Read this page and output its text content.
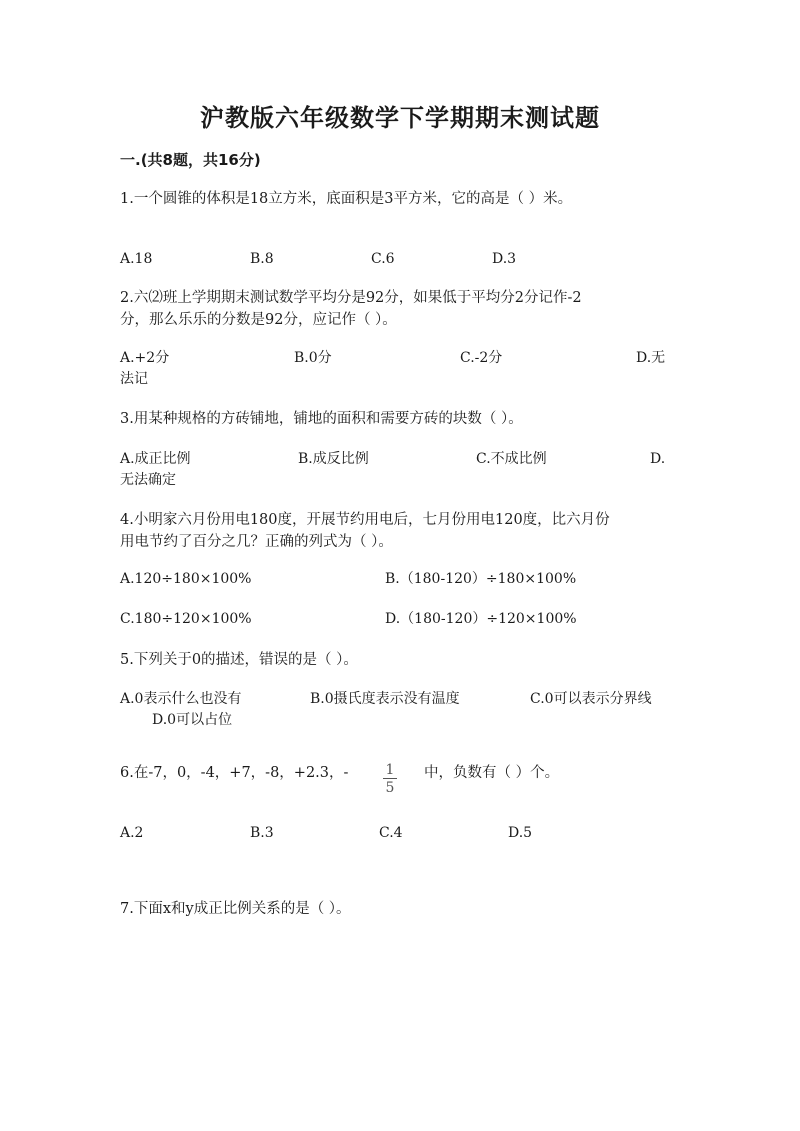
沪教版六年级数学下学期期末测试题
一.(共8题，共16分)
1.一个圆锥的体积是18立方米，底面积是3平方米，它的高是（ ）米。
A.18	B.8	C.6	D.3
2.六⑵班上学期期末测试数学平均分是92分，如果低于平均分2分记作-2
分，那么乐乐的分数是92分，应记作（ ）。
A.+2分	B.0分	C.-2分	D.无
法记
3.用某种规格的方砖铺地，铺地的面积和需要方砖的块数（ ）。
A.成正比例	B.成反比例	C.不成比例	D.
无法确定
4.小明家六月份用电180度，开展节约用电后，七月份用电120度，比六月份
用电节约了百分之几？正确的列式为（ ）。
A.120÷180×100%	B.（180-120）÷180×100%
C.180÷120×100%	D.（180-120）÷120×100%
5.下列关于0的描述，错误的是（ ）。
A.0表示什么也没有	B.0摄氏度表示没有温度	C.0可以表示分界线
D.0可以占位
6.在-7，0，-4，+7，-8，+2.3，-	1
5
中，负数有（ ）个。
A.2	B.3	C.4	D.5
7.下面x和y成正比例关系的是（ ）。
